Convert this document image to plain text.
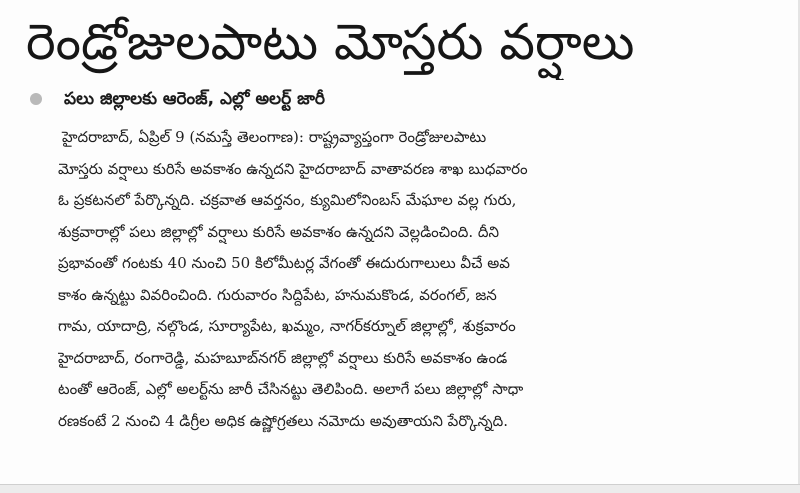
రెండ్రోజులపాటు మోస్తరు వర్షాలు
పలు జిల్లాలకు ఆరెంజ్, ఎల్లో అలర్ట్ జారీ
హైదరాబాద్, ఏప్రిల్ 9 (నమస్తే తెలంగాణ): రాష్ట్రవ్యాప్తంగా రెండ్రోజులపాటు
మోస్తరు వర్షాలు కురిసే అవకాశం ఉన్నదని హైదరాబాద్ వాతావరణ శాఖ బుధవారం
ఓ ప్రకటనలో పేర్కొన్నది. చక్రవాత ఆవర్తనం, క్యుమిలోనింబస్ మేఘాల వల్ల గురు,
శుక్రవారాల్లో పలు జిల్లాల్లో వర్షాలు కురిసే అవకాశం ఉన్నదని వెల్లడించింది. దీని
ప్రభావంతో గంటకు 40 నుంచి 50 కిలోమీటర్ల వేగంతో ఈదురుగాలులు వీచే అవ
కాశం ఉన్నట్టు వివరించింది. గురువారం సిద్దిపేట, హనుమకొండ, వరంగల్, జన
గామ, యాదాద్రి, నల్గొండ, సూర్యాపేట, ఖమ్మం, నాగర్‌కర్నూల్ జిల్లాల్లో, శుక్రవారం
హైదరాబాద్, రంగారెడ్డి, మహబూబ్‌నగర్ జిల్లాల్లో వర్షాలు కురిసే అవకాశం ఉండ
టంతో ఆరెంజ్, ఎల్లో అలర్ట్‌ను జారీ చేసినట్టు తెలిపింది. అలాగే పలు జిల్లాల్లో సాధా
రణకంటే 2 నుంచి 4 డిగ్రీల అధిక ఉష్ణోగ్రతలు నమోదు అవుతాయని పేర్కొన్నది.
